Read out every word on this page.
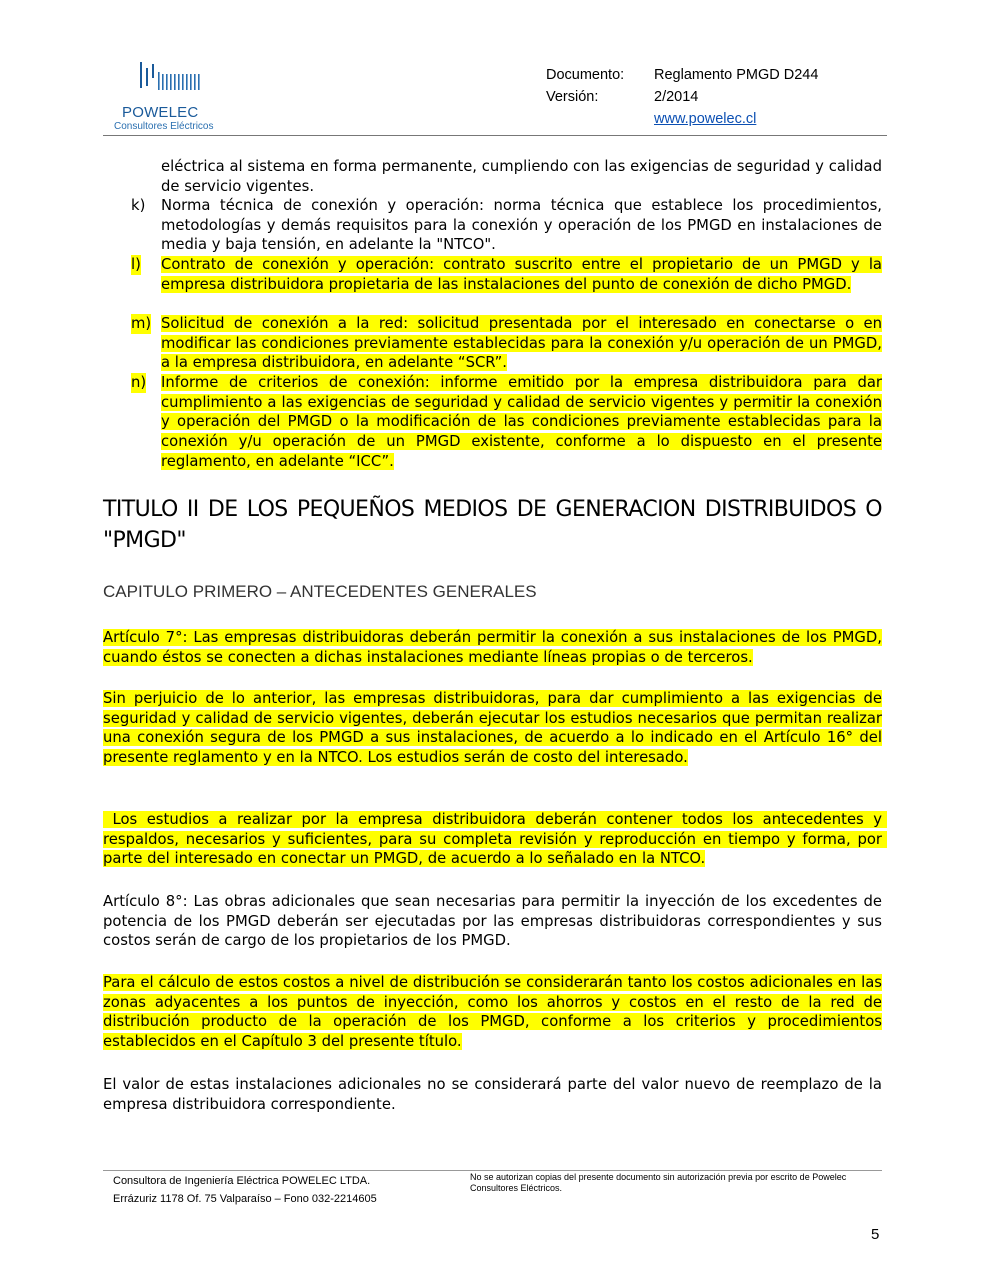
POWELEC
Consultores Eléctricos
Documento:	Reglamento PMGD D244
Versión:	2/2014
www.powelec.cl
eléctrica al sistema en forma permanente, cumpliendo con las exigencias de seguridad y calidad de servicio vigentes.
k) Norma técnica de conexión y operación: norma técnica que establece los procedimientos, metodologías y demás requisitos para la conexión y operación de los PMGD en instalaciones de media y baja tensión, en adelante la "NTCO".
l) Contrato de conexión y operación: contrato suscrito entre el propietario de un PMGD y la empresa distribuidora propietaria de las instalaciones del punto de conexión de dicho PMGD.
m) Solicitud de conexión a la red: solicitud presentada por el interesado en conectarse o en modificar las condiciones previamente establecidas para la conexión y/u operación de un PMGD, a la empresa distribuidora, en adelante “SCR”.
n) Informe de criterios de conexión: informe emitido por la empresa distribuidora para dar cumplimiento a las exigencias de seguridad y calidad de servicio vigentes y permitir la conexión y operación del PMGD o la modificación de las condiciones previamente establecidas para la conexión y/u operación de un PMGD existente, conforme a lo dispuesto en el presente reglamento, en adelante “ICC”.
TITULO II DE LOS PEQUEÑOS MEDIOS DE GENERACION DISTRIBUIDOS O "PMGD"
CAPITULO PRIMERO – ANTECEDENTES GENERALES
Artículo 7°: Las empresas distribuidoras deberán permitir la conexión a sus instalaciones de los PMGD, cuando éstos se conecten a dichas instalaciones mediante líneas propias o de terceros.
Sin perjuicio de lo anterior, las empresas distribuidoras, para dar cumplimiento a las exigencias de seguridad y calidad de servicio vigentes, deberán ejecutar los estudios necesarios que permitan realizar una conexión segura de los PMGD a sus instalaciones, de acuerdo a lo indicado en el Artículo 16° del presente reglamento y en la NTCO. Los estudios serán de costo del interesado.
Los estudios a realizar por la empresa distribuidora deberán contener todos los antecedentes y respaldos, necesarios y suficientes, para su completa revisión y reproducción en tiempo y forma, por parte del interesado en conectar un PMGD, de acuerdo a lo señalado en la NTCO.
Artículo 8°: Las obras adicionales que sean necesarias para permitir la inyección de los excedentes de potencia de los PMGD deberán ser ejecutadas por las empresas distribuidoras correspondientes y sus costos serán de cargo de los propietarios de los PMGD.
Para el cálculo de estos costos a nivel de distribución se considerarán tanto los costos adicionales en las zonas adyacentes a los puntos de inyección, como los ahorros y costos en el resto de la red de distribución producto de la operación de los PMGD, conforme a los criterios y procedimientos establecidos en el Capítulo 3 del presente título.
El valor de estas instalaciones adicionales no se considerará parte del valor nuevo de reemplazo de la empresa distribuidora correspondiente.
Consultora de Ingeniería Eléctrica POWELEC LTDA.
Errázuriz 1178 Of. 75 Valparaíso – Fono 032-2214605
No se autorizan copias del presente documento sin autorización previa por escrito de Powelec Consultores Eléctricos.
5
